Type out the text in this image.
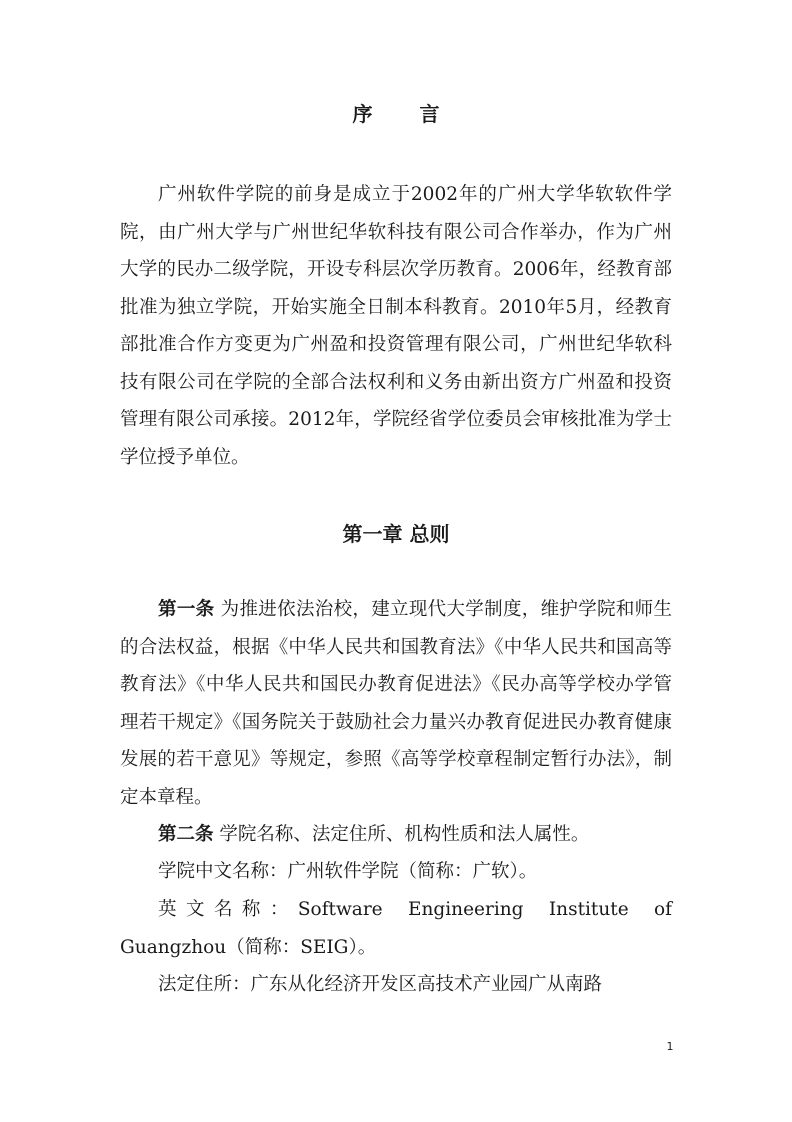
序 言

广州软件学院的前身是成立于2002年的广州大学华软软件学院，由广州大学与广州世纪华软科技有限公司合作举办，作为广州大学的民办二级学院，开设专科层次学历教育。2006年，经教育部批准为独立学院，开始实施全日制本科教育。2010年5月，经教育部批准合作方变更为广州盈和投资管理有限公司，广州世纪华软科技有限公司在学院的全部合法权利和义务由新出资方广州盈和投资管理有限公司承接。2012年，学院经省学位委员会审核批准为学士学位授予单位。

第一章 总则

第一条 为推进依法治校，建立现代大学制度，维护学院和师生的合法权益，根据《中华人民共和国教育法》《中华人民共和国高等教育法》《中华人民共和国民办教育促进法》《民办高等学校办学管理若干规定》《国务院关于鼓励社会力量兴办教育促进民办教育健康发展的若干意见》等规定，参照《高等学校章程制定暂行办法》，制定本章程。

第二条 学院名称、法定住所、机构性质和法人属性。

学院中文名称：广州软件学院（简称：广软）。

英文名称：Software Engineering Institute of Guangzhou（简称：SEIG）。

法定住所：广东从化经济开发区高技术产业园广从南路

1
